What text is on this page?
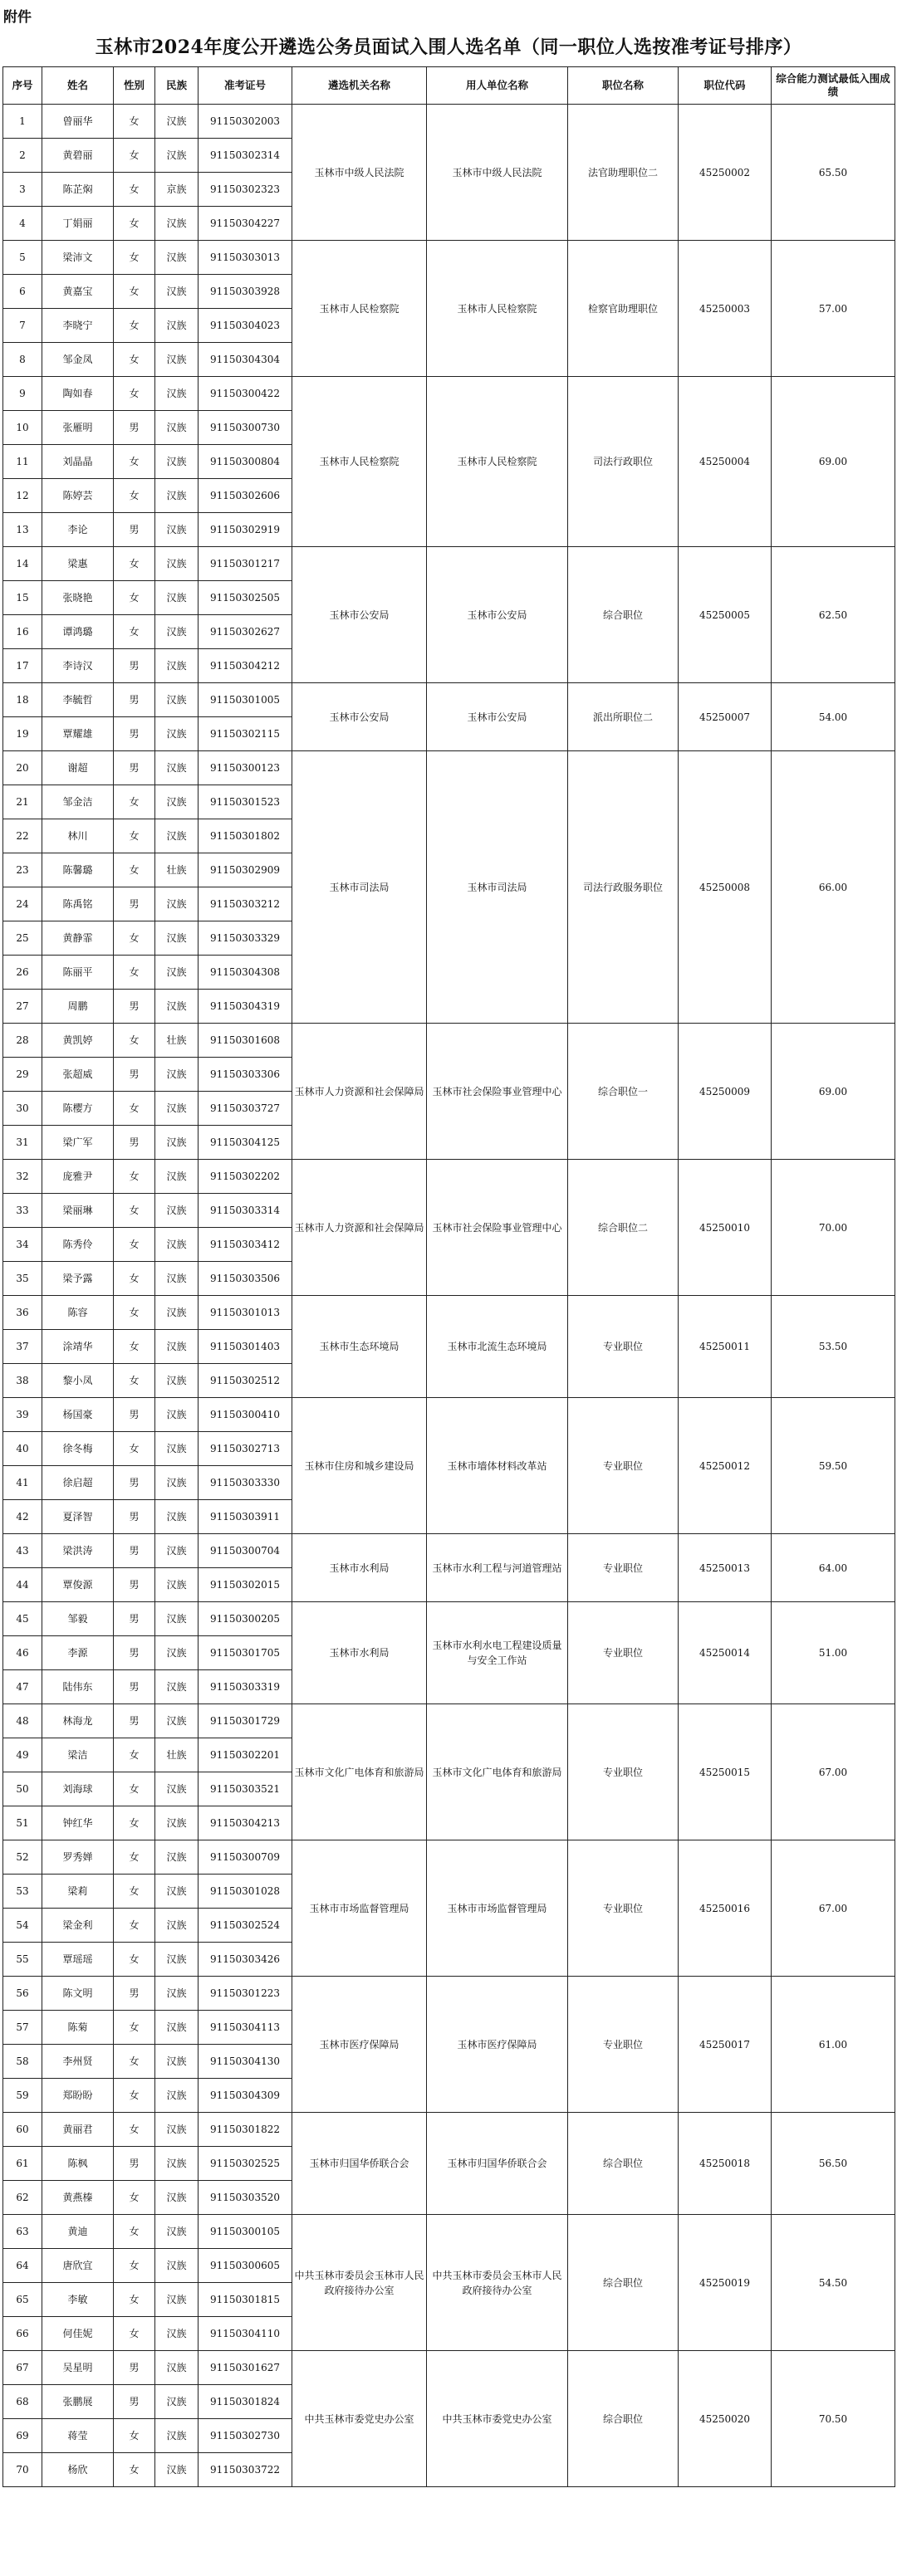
附件
玉林市2024年度公开遴选公务员面试入围人选名单（同一职位人选按准考证号排序）
序号	姓名	性别	民族	准考证号	遴选机关名称	用人单位名称	职位名称	职位代码	综合能力测试最低入围成绩
1	曾丽华	女	汉族	91150302003	玉林市中级人民法院	玉林市中级人民法院	法官助理职位二	45250002	65.50
2	黄碧丽	女	汉族	91150302314					
3	陈芷焖	女	京族	91150302323					
4	丁娟丽	女	汉族	91150304227					
5	梁沛文	女	汉族	91150303013	玉林市人民检察院	玉林市人民检察院	检察官助理职位	45250003	57.00
6	黄嘉宝	女	汉族	91150303928					
7	李晓宁	女	汉族	91150304023					
8	邹金凤	女	汉族	91150304304					
9	陶如春	女	汉族	91150300422	玉林市人民检察院	玉林市人民检察院	司法行政职位	45250004	69.00
10	张雁明	男	汉族	91150300730					
11	刘晶晶	女	汉族	91150300804					
12	陈婷芸	女	汉族	91150302606					
13	李论	男	汉族	91150302919					
14	梁惠	女	汉族	91150301217	玉林市公安局	玉林市公安局	综合职位	45250005	62.50
15	张晓艳	女	汉族	91150302505					
16	谭鸿璐	女	汉族	91150302627					
17	李诗汉	男	汉族	91150304212					
18	李毓哲	男	汉族	91150301005	玉林市公安局	玉林市公安局	派出所职位二	45250007	54.00
19	覃耀雄	男	汉族	91150302115					
20	谢超	男	汉族	91150300123	玉林市司法局	玉林市司法局	司法行政服务职位	45250008	66.00
21	邹金洁	女	汉族	91150301523					
22	林川	女	汉族	91150301802					
23	陈馨璐	女	壮族	91150302909					
24	陈禹铭	男	汉族	91150303212					
25	黄静霏	女	汉族	91150303329					
26	陈丽平	女	汉族	91150304308					
27	周鹏	男	汉族	91150304319					
28	黄凯婷	女	壮族	91150301608	玉林市人力资源和社会保障局	玉林市社会保险事业管理中心	综合职位一	45250009	69.00
29	张超威	男	汉族	91150303306					
30	陈樱方	女	汉族	91150303727					
31	梁广军	男	汉族	91150304125					
32	庞雅尹	女	汉族	91150302202	玉林市人力资源和社会保障局	玉林市社会保险事业管理中心	综合职位二	45250010	70.00
33	梁丽琳	女	汉族	91150303314					
34	陈秀伶	女	汉族	91150303412					
35	梁予露	女	汉族	91150303506					
36	陈容	女	汉族	91150301013	玉林市生态环境局	玉林市北流生态环境局	专业职位	45250011	53.50
37	涂靖华	女	汉族	91150301403					
38	黎小凤	女	汉族	91150302512					
39	杨国豪	男	汉族	91150300410	玉林市住房和城乡建设局	玉林市墙体材料改革站	专业职位	45250012	59.50
40	徐冬梅	女	汉族	91150302713					
41	徐启超	男	汉族	91150303330					
42	夏泽智	男	汉族	91150303911					
43	梁洪涛	男	汉族	91150300704	玉林市水利局	玉林市水利工程与河道管理站	专业职位	45250013	64.00
44	覃俊源	男	汉族	91150302015					
45	邹毅	男	汉族	91150300205	玉林市水利局	玉林市水利水电工程建设质量与安全工作站	专业职位	45250014	51.00
46	李源	男	汉族	91150301705					
47	陆伟东	男	汉族	91150303319					
48	林海龙	男	汉族	91150301729	玉林市文化广电体育和旅游局	玉林市文化广电体育和旅游局	专业职位	45250015	67.00
49	梁洁	女	壮族	91150302201					
50	刘海球	女	汉族	91150303521					
51	钟红华	女	汉族	91150304213					
52	罗秀婵	女	汉族	91150300709	玉林市市场监督管理局	玉林市市场监督管理局	专业职位	45250016	67.00
53	梁莉	女	汉族	91150301028					
54	梁金利	女	汉族	91150302524					
55	覃瑶瑶	女	汉族	91150303426					
56	陈文明	男	汉族	91150301223	玉林市医疗保障局	玉林市医疗保障局	专业职位	45250017	61.00
57	陈菊	女	汉族	91150304113					
58	李州贤	女	汉族	91150304130					
59	郑盼盼	女	汉族	91150304309					
60	黄丽君	女	汉族	91150301822	玉林市归国华侨联合会	玉林市归国华侨联合会	综合职位	45250018	56.50
61	陈枫	男	汉族	91150302525					
62	黄燕榛	女	汉族	91150303520					
63	黄迪	女	汉族	91150300105	中共玉林市委员会玉林市人民政府接待办公室	中共玉林市委员会玉林市人民政府接待办公室	综合职位	45250019	54.50
64	唐欣宜	女	汉族	91150300605					
65	李敏	女	汉族	91150301815					
66	何佳妮	女	汉族	91150304110					
67	吴星明	男	汉族	91150301627	中共玉林市委党史办公室	中共玉林市委党史办公室	综合职位	45250020	70.50
68	张鹏展	男	汉族	91150301824					
69	蒋莹	女	汉族	91150302730					
70	杨欣	女	汉族	91150303722					
